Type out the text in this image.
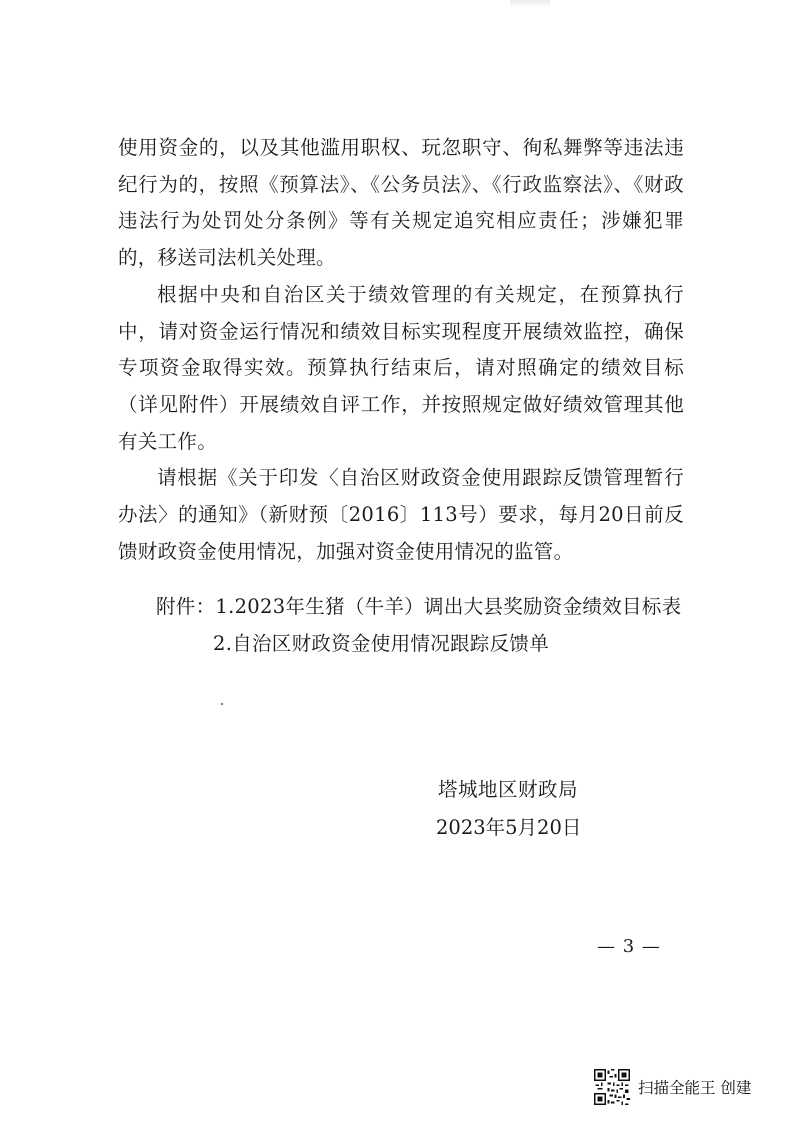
使用资金的，以及其他滥用职权、玩忽职守、徇私舞弊等违法违纪行为的，按照《预算法》、《公务员法》、《行政监察法》、《财政违法行为处罚处分条例》等有关规定追究相应责任；涉嫌犯罪的，移送司法机关处理。

根据中央和自治区关于绩效管理的有关规定，在预算执行中，请对资金运行情况和绩效目标实现程度开展绩效监控，确保专项资金取得实效。预算执行结束后，请对照确定的绩效目标（详见附件）开展绩效自评工作，并按照规定做好绩效管理其他有关工作。

请根据《关于印发〈自治区财政资金使用跟踪反馈管理暂行办法〉的通知》（新财预〔2016〕113号）要求，每月20日前反馈财政资金使用情况，加强对资金使用情况的监管。

附件：1.2023年生猪（牛羊）调出大县奖励资金绩效目标表
2.自治区财政资金使用情况跟踪反馈单
塔城地区财政局
2023年5月20日
— 3 —
扫描全能王 创建
